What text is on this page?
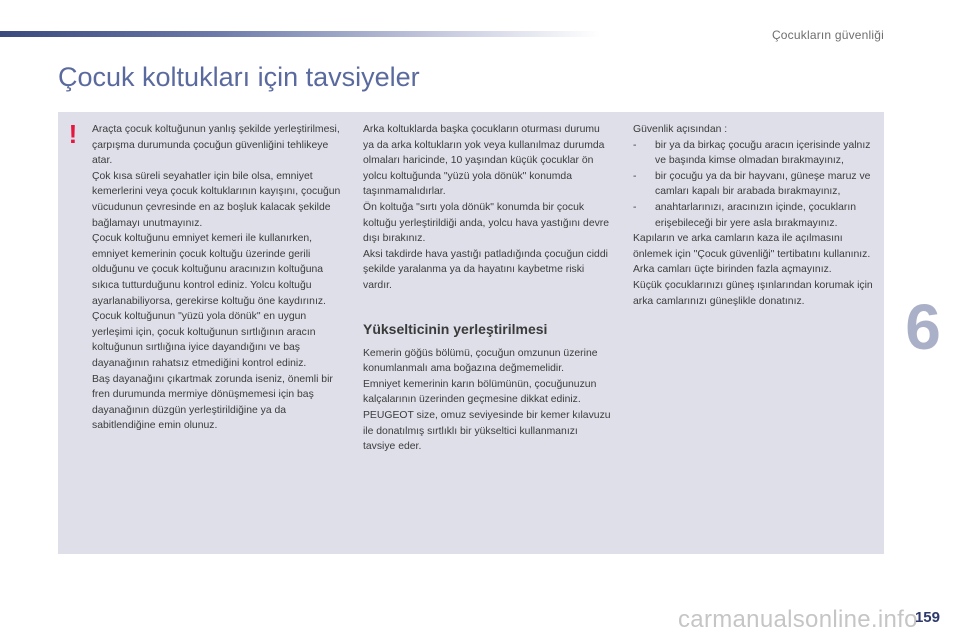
Çocukların güvenliği
Çocuk koltukları için tavsiyeler
! Araçta çocuk koltuğunun yanlış şekilde yerleştirilmesi, çarpışma durumunda çocuğun güvenliğini tehlikeye atar.

Çok kısa süreli seyahatler için bile olsa, emniyet kemerlerini veya çocuk koltuklarının kayışını, çocuğun vücudunun çevresinde en az boşluk kalacak şekilde bağlamayı unutmayınız.

Çocuk koltuğunu emniyet kemeri ile kullanırken, emniyet kemerinin çocuk koltuğu üzerinde gerili olduğunu ve çocuk koltuğunu aracınızın koltuğuna sıkıca tutturduğunu kontrol ediniz. Yolcu koltuğu ayarlanabiliyorsa, gerekirse koltuğu öne kaydırınız.

Çocuk koltuğunun "yüzü yola dönük" en uygun yerleşimi için, çocuk koltuğunun sırtlığının aracın koltuğunun sırtlığına iyice dayandığını ve baş dayanağının rahatsız etmediğini kontrol ediniz.

Baş dayanağını çıkartmak zorunda iseniz, önemli bir fren durumunda mermiye dönüşmemesi için baş dayanağının düzgün yerleştirildiğine ya da sabitlendiğine emin olunuz.

Arka koltuklarda başka çocukların oturması durumu ya da arka koltukların yok veya kullanılmaz durumda olmaları haricinde, 10 yaşından küçük çocuklar ön yolcu koltuğunda "yüzü yola dönük" konumda taşınmamalıdırlar.

Ön koltuğa "sırtı yola dönük" konumda bir çocuk koltuğu yerleştirildiği anda, yolcu hava yastığını devre dışı bırakınız.

Aksi takdirde hava yastığı patladığında çocuğun ciddi şekilde yaralanma ya da hayatını kaybetme riski vardır.

Yükselticinin yerleştirilmesi

Kemerin göğüs bölümü, çocuğun omzunun üzerine konumlanmalı ama boğazına değmemelidir.

Emniyet kemerinin karın bölümünün, çocuğunuzun kalçalarının üzerinden geçmesine dikkat ediniz.

PEUGEOT size, omuz seviyesinde bir kemer kılavuzu ile donatılmış sırtlıklı bir yükseltici kullanmanızı tavsiye eder.

Güvenlik açısından :

-	bir ya da birkaç çocuğu aracın içerisinde yalnız ve başında kimse olmadan bırakmayınız,
-	bir çocuğu ya da bir hayvanı, güneşe maruz ve camları kapalı bir arabada bırakmayınız,
-	anahtarlarınızı, aracınızın içinde, çocukların erişebileceği bir yere asla bırakmayınız.

Kapıların ve arka camların kaza ile açılmasını önlemek için "Çocuk güvenliği" tertibatını kullanınız.

Arka camları üçte birinden fazla açmayınız.

Küçük çocuklarınızı güneş ışınlarından korumak için arka camlarınızı güneşlikle donatınız.	6
carmanualsonline.info
159
